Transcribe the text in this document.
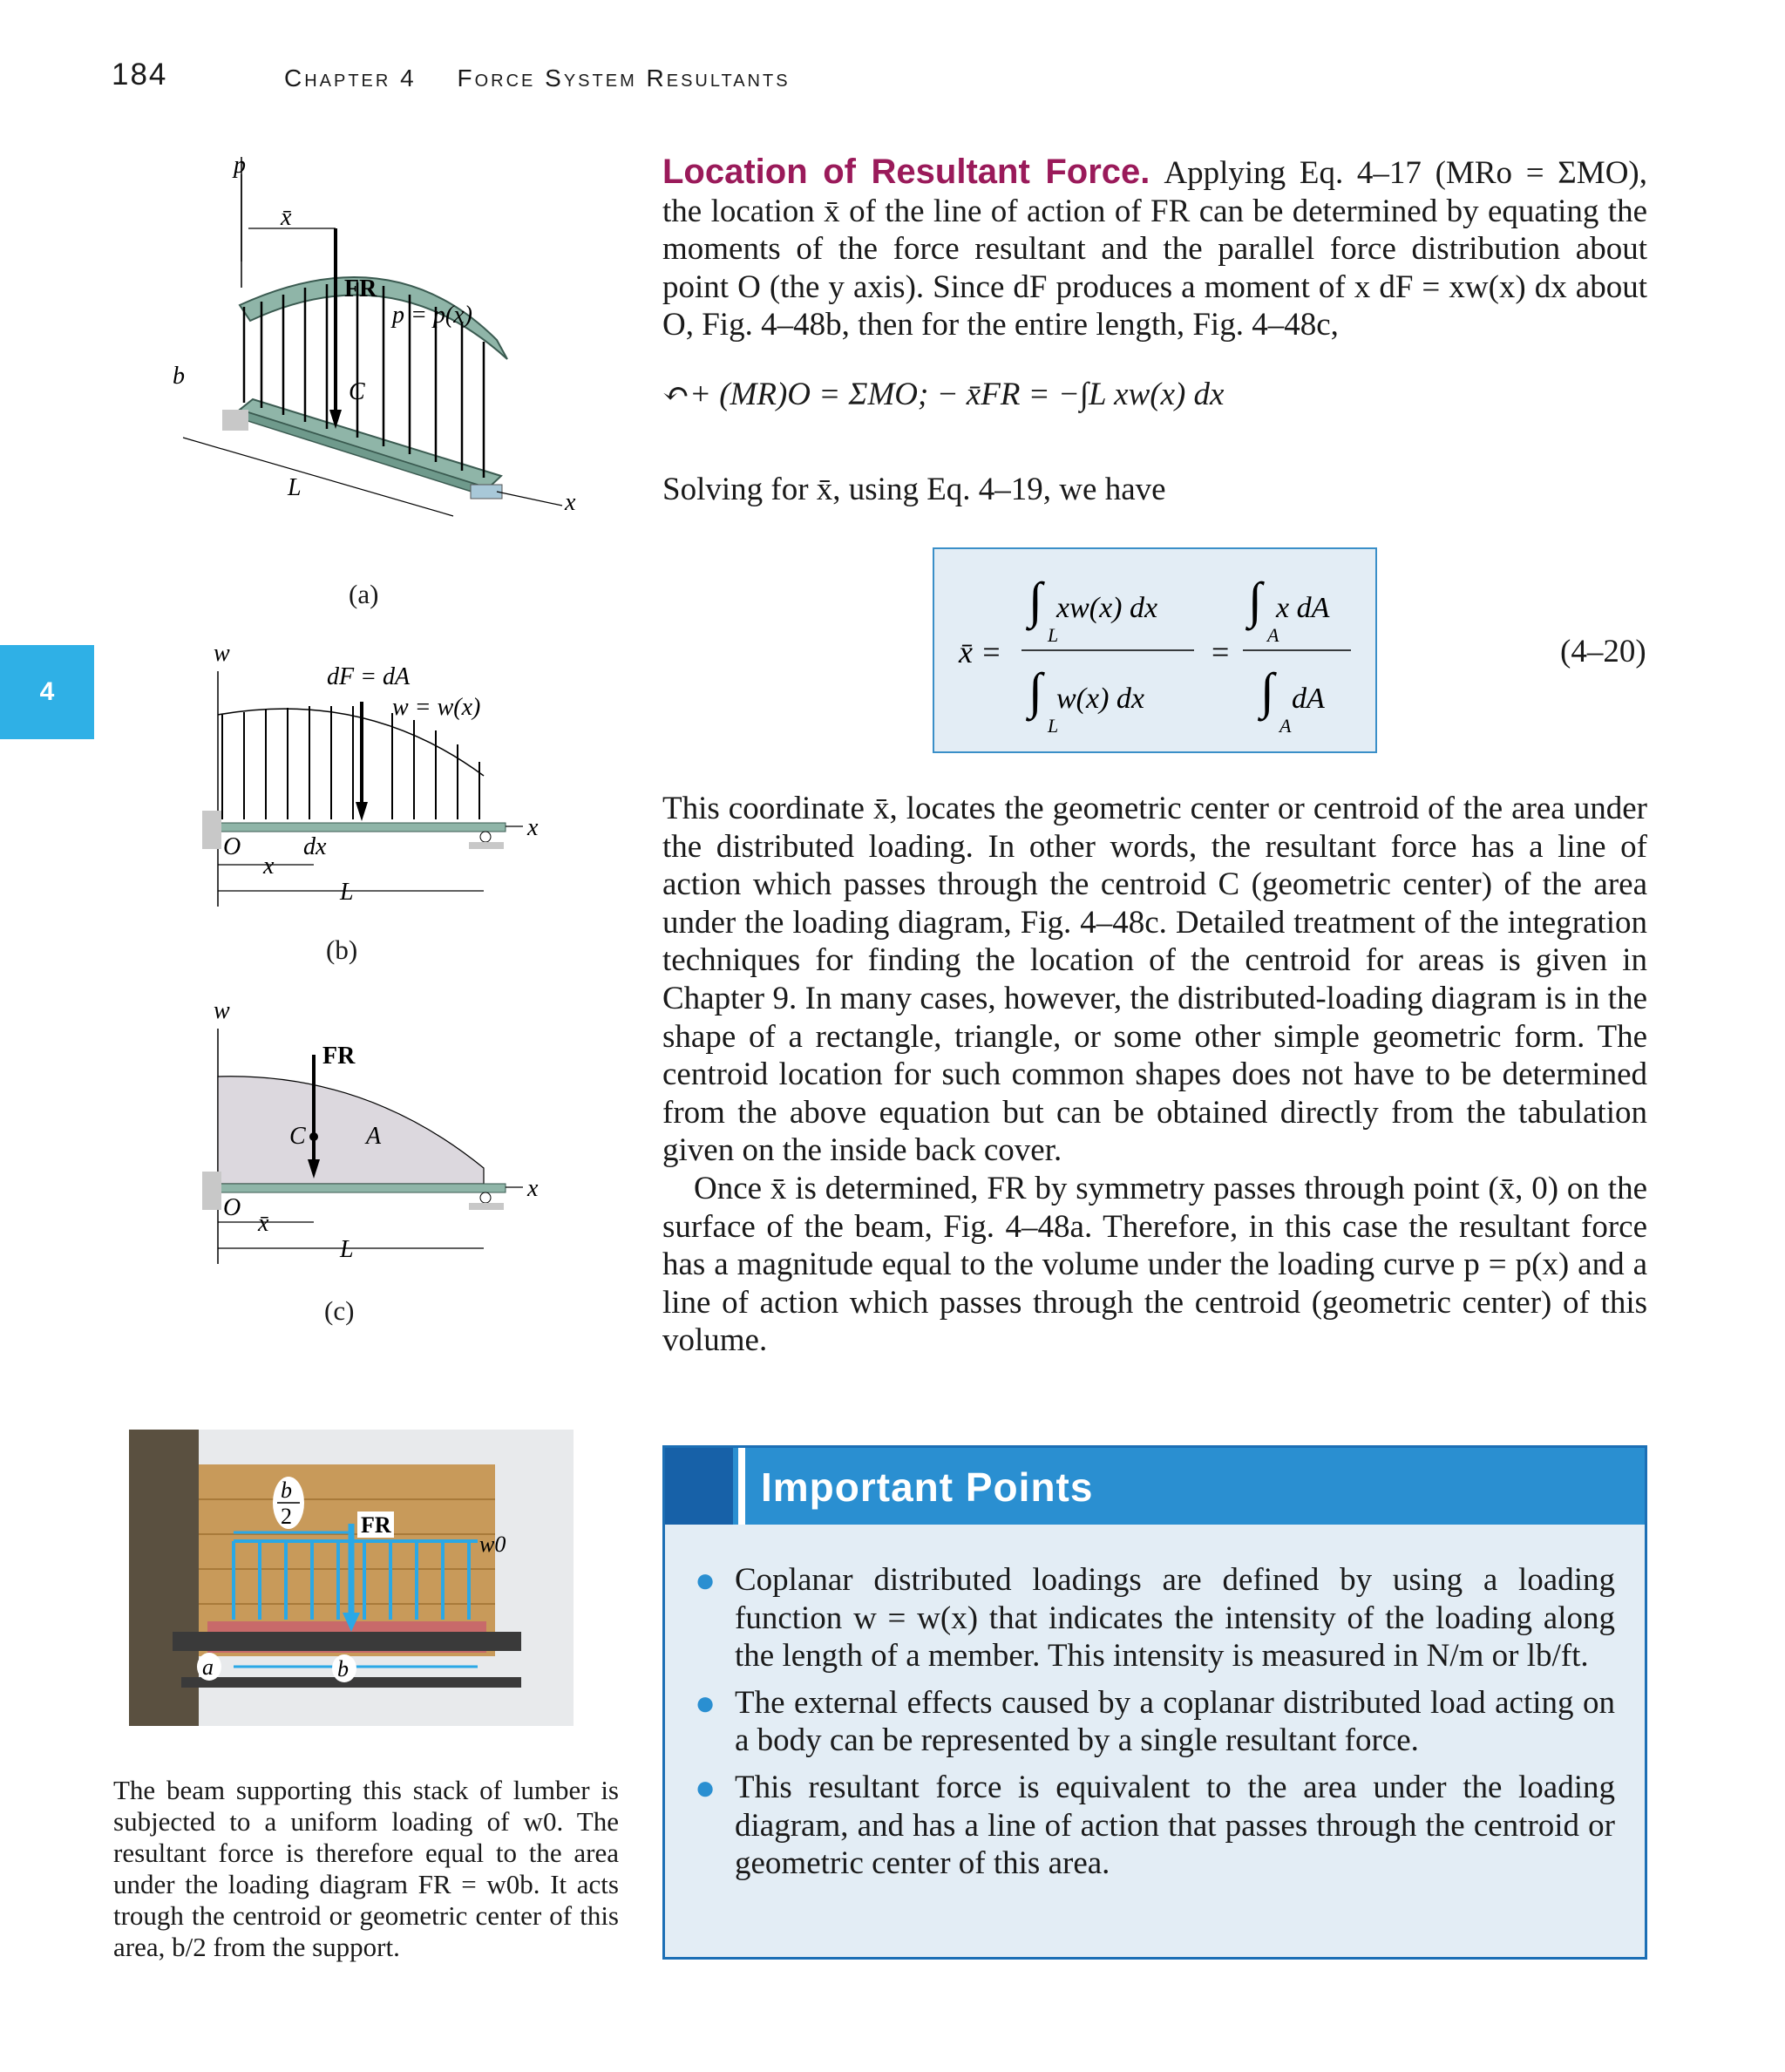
184	Chapter 4 Force System Resultants
4
p
x̄
FR
p = p(x)
b
C
L
x
(a)
w
dF = dA
w = w(x)
O	dx
x
L
x
(b)
w
FR
C A
O
x̄
L
x
(c)
b
2	FR
w0
a	b
The beam supporting this stack of lumber is subjected to a uniform loading of w0. The resultant force is therefore equal to the area under the loading diagram FR = w0b. It acts trough the centroid or geometric center of this area, b/2 from the support.

Location of Resultant Force. Applying Eq. 4–17 (MRo = ΣMO), the location x̄ of the line of action of FR can be determined by equating the moments of the force resultant and the parallel force distribution about point O (the y axis). Since dF produces a moment of x dF = xw(x) dx about O, Fig. 4–48b, then for the entire length, Fig. 4–48c,

↶+ (MR)O = ΣMO; − x̄FR = −∫L xw(x) dx
Solving for x̄, using Eq. 4–19, we have
x̄ =
∫ xw(x) dx
L
∫ w(x) dx
L
=
∫ x dA
A
∫ dA
A
(4–20)

This coordinate x̄, locates the geometric center or centroid of the area under the distributed loading. In other words, the resultant force has a line of action which passes through the centroid C (geometric center) of the area under the loading diagram, Fig. 4–48c. Detailed treatment of the integration techniques for finding the location of the centroid for areas is given in Chapter 9. In many cases, however, the distributed-loading diagram is in the shape of a rectangle, triangle, or some other simple geometric form. The centroid location for such common shapes does not have to be determined from the above equation but can be obtained directly from the tabulation given on the inside back cover.

Once x̄ is determined, FR by symmetry passes through point (x̄, 0) on the surface of the beam, Fig. 4–48a. Therefore, in this case the resultant force has a magnitude equal to the volume under the loading curve p = p(x) and a line of action which passes through the centroid (geometric center) of this volume.

Important Points
● Coplanar distributed loadings are defined by using a loading function w = w(x) that indicates the intensity of the loading along the length of a member. This intensity is measured in N/m or lb/ft.
● The external effects caused by a coplanar distributed load acting on a body can be represented by a single resultant force.
● This resultant force is equivalent to the area under the loading diagram, and has a line of action that passes through the centroid or geometric center of this area.
